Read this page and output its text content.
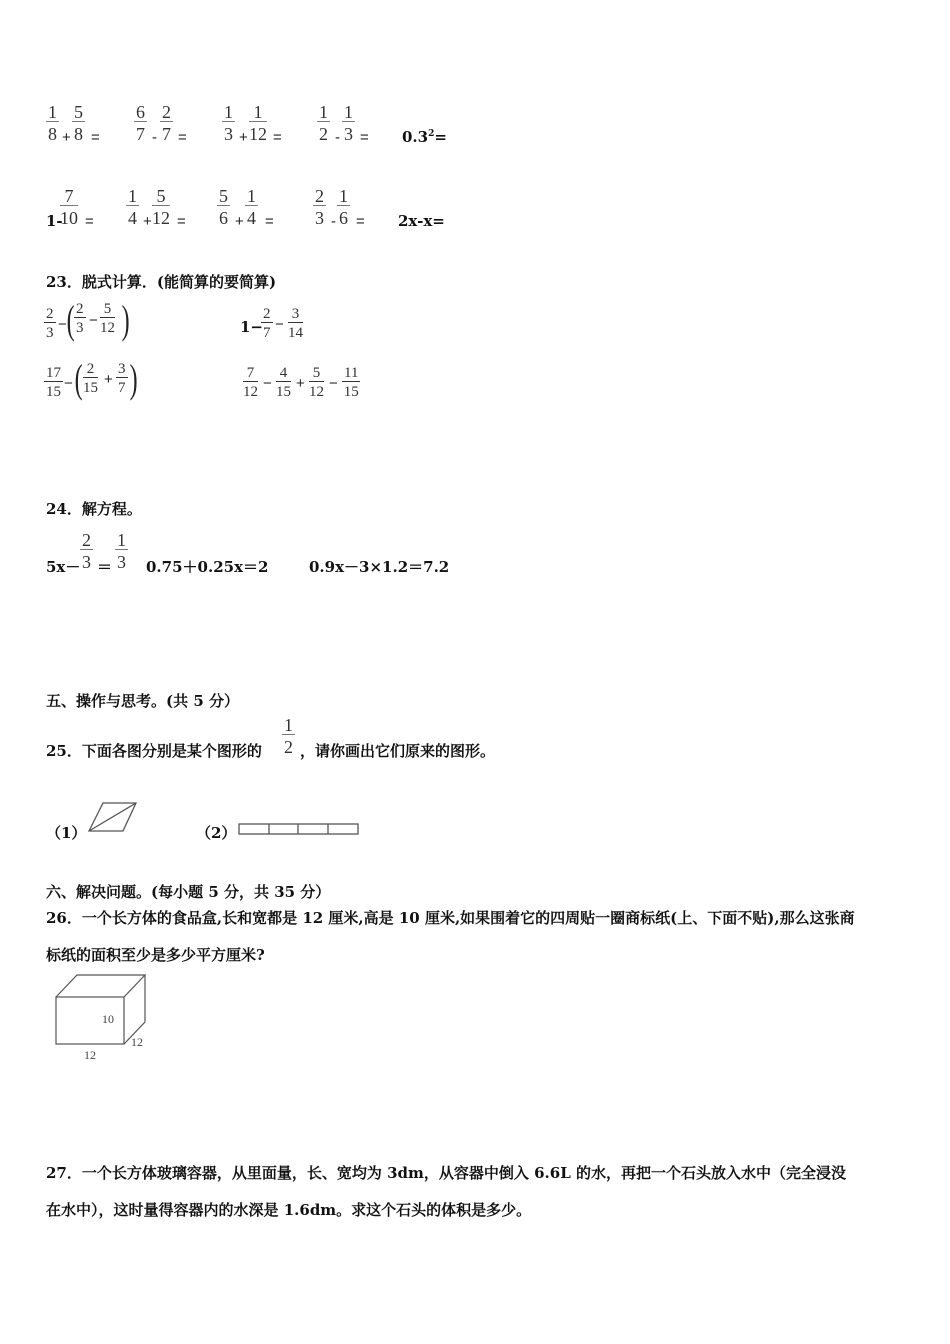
$\frac{1}{8} + \frac{5}{8} = \frac{6}{7} - \frac{2}{7} = \frac{1}{3} + \frac{1}{12} = \frac{1}{2} - \frac{1}{3} = 0.3^2=$
1-
$\frac{7}{10} = \frac{1}{4} + \frac{5}{12} = \frac{5}{6} + \frac{1}{4} = \frac{2}{3} - \frac{1}{6} = 2x-x=$
23．脱式计算．(能简算的要简算)
$\frac{2}{3}$ − ( $\frac{2}{3} - \frac{5}{12}$ )	1−
$\frac{2}{7} - \frac{3}{14}$
$\frac{17}{15}$ − ( $\frac{2}{15} + \frac{3}{7}$ )	$\frac{7}{12} - \frac{4}{15} + \frac{5}{12} - \frac{11}{15}$
24．解方程。
$5x- \frac{2}{3} = \frac{1}{3} 0.75+0.25x=2$	0.9x－3×1.2＝7.2
五、操作与思考。(共 5 分）
25．下面各图分别是某个图形的 $\frac{1}{2}$ ，请你画出它们原来的图形。
（1）	（2）
六、解决问题。(每小题 5 分，共 35 分）
26．一个长方体的食品盒,长和宽都是 12 厘米,高是 10 厘米,如果围着它的四周贴一圈商标纸(上、下面不贴),那么这张商
标纸的面积至少是多少平方厘米?
10
12
12
27．一个长方体玻璃容器，从里面量，长、宽均为 3dm，从容器中倒入 6.6L 的水，再把一个石头放入水中（完全浸没
在水中），这时量得容器内的水深是 1.6dm。求这个石头的体积是多少。
